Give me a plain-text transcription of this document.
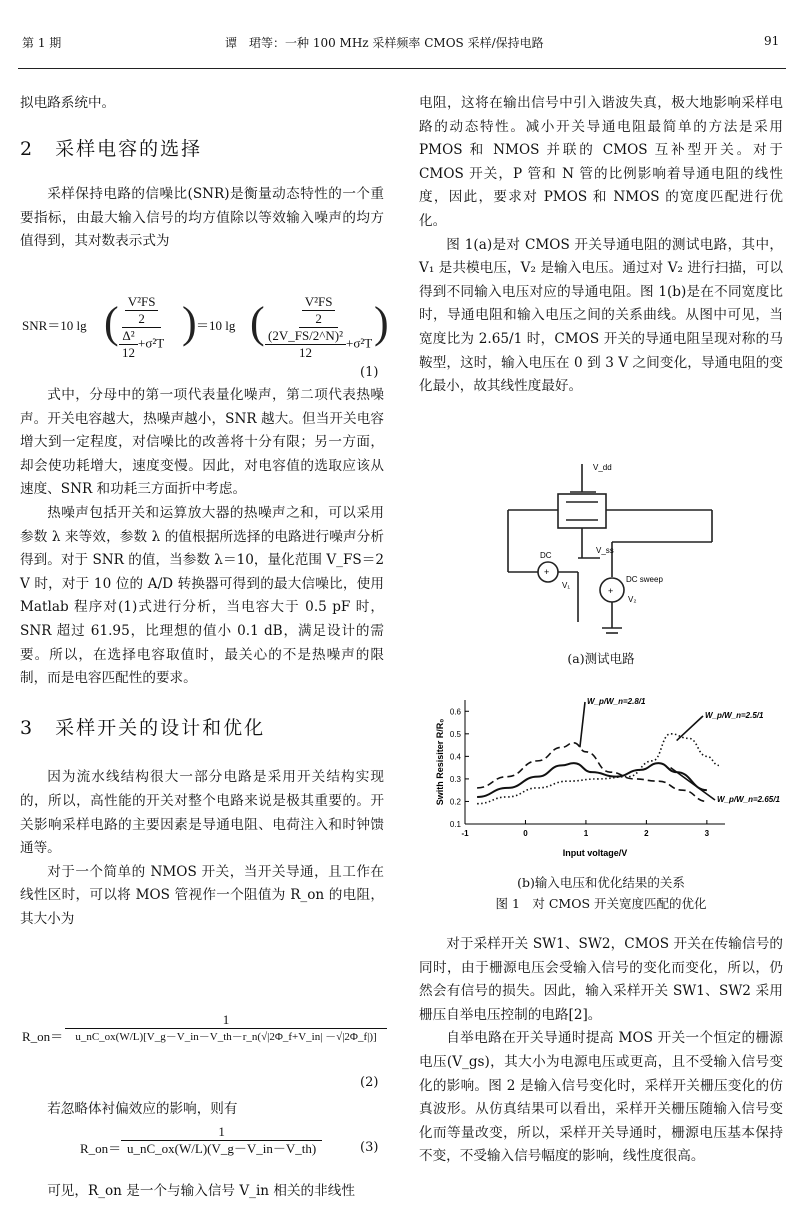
第 1 期	谭　珺等：一种 100 MHz 采样频率 CMOS 采样/保持电路	91

拟电路系统中。

2　采样电容的选择

采样保持电路的信噪比(SNR)是衡量动态特性的一个重要指标，由最大输入信号的均方值除以等效输入噪声的均方值得到，其对数表示式为

SNR＝10 lg (
$\frac{\frac{\text{V²FS}}{2}}{\frac{\text{Δ²}}{12} +\sigma^2T}$ ) ＝10 lg (
$\frac{\frac{\text{V²FS}}{2}}{\frac{\text{(2V\_FS/2\textasciicircum{}N)²}}{12} +\sigma^2T}$
)
(1)

式中，分母中的第一项代表量化噪声，第二项代表热噪声。开关电容越大，热噪声越小，SNR 越大。但当开关电容增大到一定程度，对信噪比的改善将十分有限；另一方面，却会使功耗增大，速度变慢。因此，对电容值的选取应该从速度、SNR 和功耗三方面折中考虑。

热噪声包括开关和运算放大器的热噪声之和，可以采用参数 λ 来等效，参数 λ 的值根据所选择的电路进行噪声分析得到。对于 SNR 的值，当参数 λ＝10，量化范围 V_FS＝2 V 时，对于 10 位的 A/D 转换器可得到的最大信噪比，使用 Matlab 程序对(1)式进行分析，当电容大于 0.5 pF 时，SNR 超过 61.95，比理想的值小 0.1 dB，满足设计的需要。所以，在选择电容取值时，最关心的不是热噪声的限制，而是电容匹配性的要求。

3　采样开关的设计和优化

因为流水线结构很大一部分电路是采用开关结构实现的，所以，高性能的开关对整个电路来说是极其重要的。开关影响采样电路的主要因素是导通电阻、电荷注入和时钟馈通等。

对于一个简单的 NMOS 开关，当开关导通，且工作在线性区时，可以将 MOS 管视作一个阻值为 R_on 的电阻，其大小为

R_on＝
1
u_nC_ox(W/L)[V_g－V_in－V_th－r_n(√|2Φ_f+V_in| －√|2Φ_f|)]
(2)

若忽略体衬偏效应的影响，则有

R_on＝ $\frac{1}{u\_nC\_ox(W/L)(V\_g-V\_in-V\_th)}$	(3)

可见，R_on 是一个与输入信号 V_in 相关的非线性

电阻，这将在输出信号中引入谐波失真，极大地影响采样电路的动态特性。减小开关导通电阻最简单的方法是采用 PMOS 和 NMOS 并联的 CMOS 互补型开关。对于 CMOS 开关，P 管和 N 管的比例影响着导通电阻的线性度，因此，要求对 PMOS 和 NMOS 的宽度匹配进行优化。

图 1(a)是对 CMOS 开关导通电阻的测试电路，其中，V₁ 是共模电压，V₂ 是输入电压。通过对 V₂ 进行扫描，可以得到不同输入电压对应的导通电阻。图 1(b)是在不同宽度比时，导通电阻和输入电压之间的关系曲线。从图中可见，当宽度比为 2.65/1 时，CMOS 开关的导通电阻呈现对称的马鞍型，这时，输入电压在 0 到 3 V 之间变化，导通电阻的变化最小，故其线性度最好。

V_dd
V_ss
DC
+
V₁
DC sweep
+
V₂
(a)测试电路
0.1
0.2
0.3
0.4
0.5
0.6
-1	0	1	2	3
W_p/W_n=2.8/1
W_p/W_n=2.5/1
W_p/W_n=2.65/1
Input voltage/V
Swith Resisiter R/R₀
(b)输入电压和优化结果的关系
图 1　对 CMOS 开关宽度匹配的优化

对于采样开关 SW1、SW2，CMOS 开关在传输信号的同时，由于栅源电压会受输入信号的变化而变化，所以，仍然会有信号的损失。因此，输入采样开关 SW1、SW2 采用栅压自举电压控制的电路[2]。

自举电路在开关导通时提高 MOS 开关一个恒定的栅源电压(V_gs)，其大小为电源电压或更高，且不受输入信号变化的影响。图 2 是输入信号变化时，采样开关栅压变化的仿真波形。从仿真结果可以看出，采样开关栅压随输入信号变化而等量改变，所以，采样开关导通时，栅源电压基本保持不变，不受输入信号幅度的影响，线性度很高。
